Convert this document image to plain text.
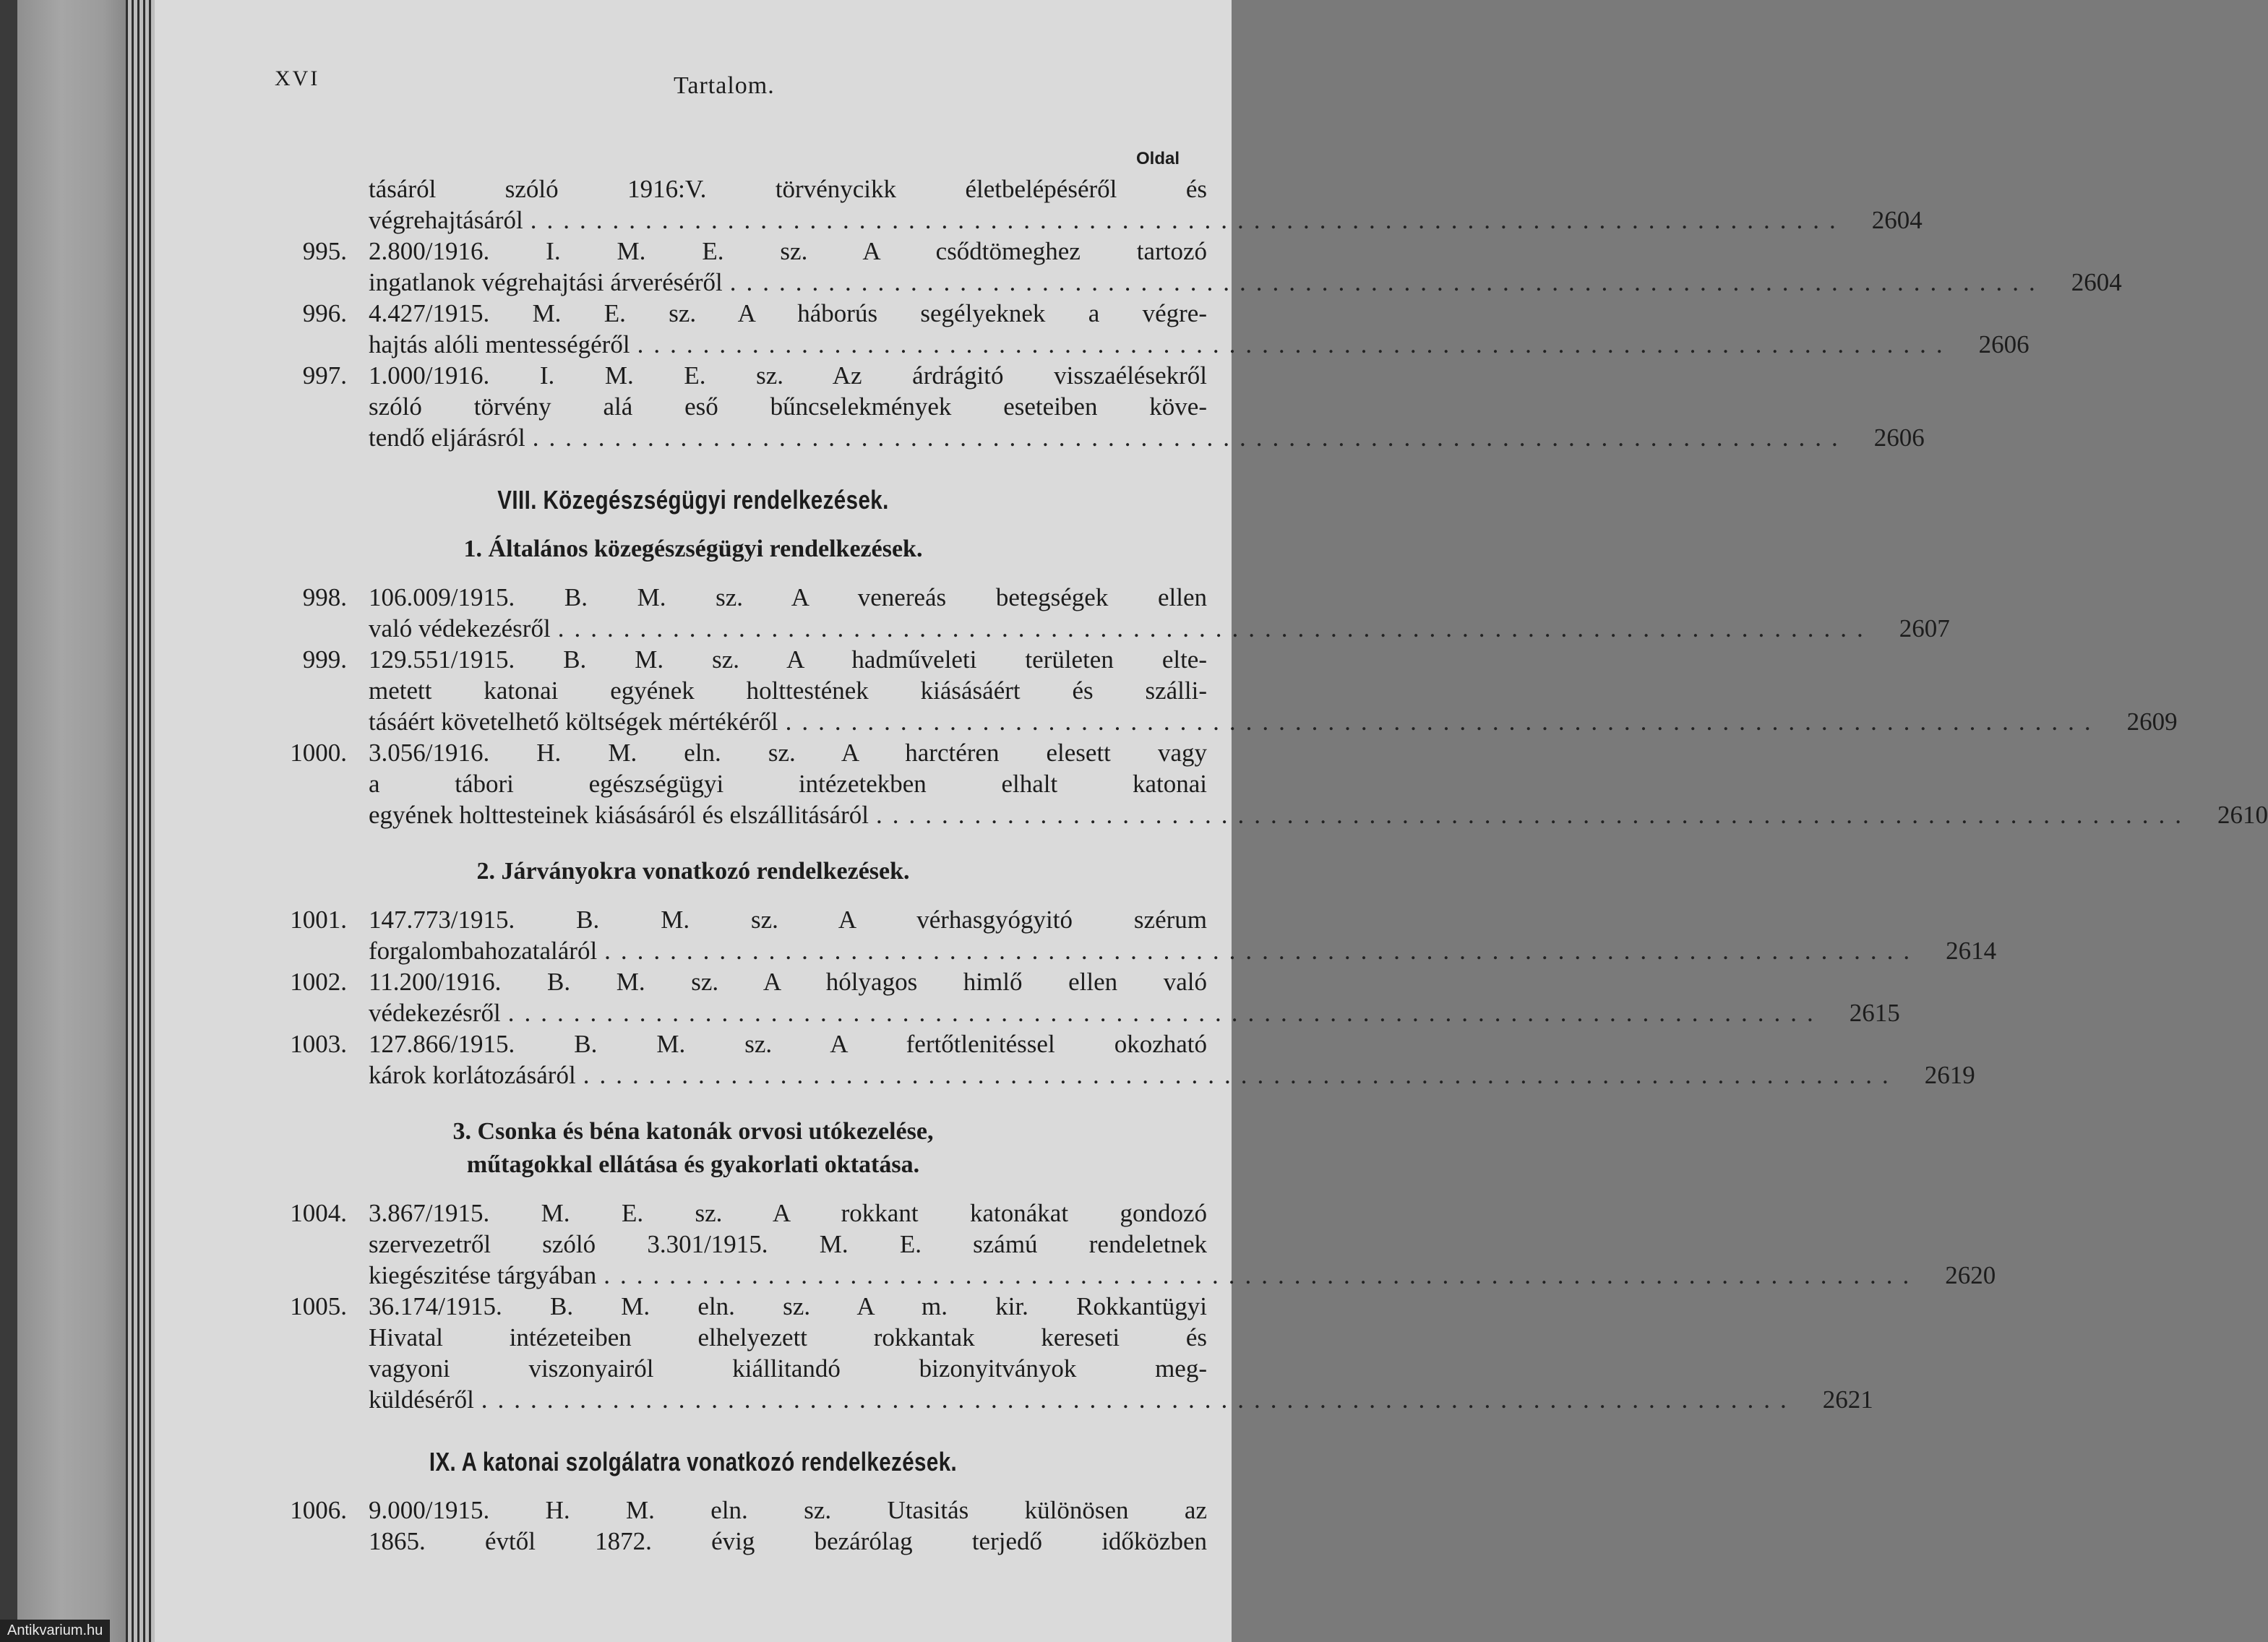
XVI	Tartalom.
Oldal
tásáról szóló 1916:V. törvénycikk életbelépéséről és
végrehajtásáról ................................................................................	2604
995. 2.800/1916. I. M. E. sz. A csődtömeghez tartozó
ingatlanok végrehajtási árveréséről ................................................................................	2604
996. 4.427/1915. M. E. sz. A háborús segélyeknek a végre-
hajtás alóli mentességéről ................................................................................	2606
997. 1.000/1916. I. M. E. sz. Az árdrágitó visszaélésekről
szóló törvény alá eső bűncselekmények eseteiben köve-
tendő eljárásról ................................................................................	2606
VIII. Közegészségügyi rendelkezések.
1. Általános közegészségügyi rendelkezések.
998. 106.009/1915. B. M. sz. A venereás betegségek ellen
való védekezésről ................................................................................	2607
999. 129.551/1915. B. M. sz. A hadműveleti területen elte-
metett katonai egyének holttestének kiásásáért és szálli-
tásáért követelhető költségek mértékéről ................................................................................	2609
1000. 3.056/1916. H. M. eln. sz. A harctéren elesett vagy
a tábori egészségügyi intézetekben elhalt katonai
egyének holttesteinek kiásásáról és elszállitásáról ................................................................................	2610
2. Járványokra vonatkozó rendelkezések.
1001. 147.773/1915. B. M. sz. A vérhasgyógyitó szérum
forgalombahozataláról ................................................................................	2614
1002. 11.200/1916. B. M. sz. A hólyagos himlő ellen való
védekezésről ................................................................................	2615
1003. 127.866/1915. B. M. sz. A fertőtlenitéssel okozható
károk korlátozásáról ................................................................................	2619
3. Csonka és béna katonák orvosi utókezelése,
műtagokkal ellátása és gyakorlati oktatása.
1004. 3.867/1915. M. E. sz. A rokkant katonákat gondozó
szervezetről szóló 3.301/1915. M. E. számú rendeletnek
kiegészitése tárgyában ................................................................................	2620
1005. 36.174/1915. B. M. eln. sz. A m. kir. Rokkantügyi
Hivatal intézeteiben elhelyezett rokkantak kereseti és
vagyoni viszonyairól kiállitandó bizonyitványok meg-
küldéséről ................................................................................	2621
IX. A katonai szolgálatra vonatkozó rendelkezések.
1006. 9.000/1915. H. M. eln. sz. Utasitás különösen az
1865. évtől 1872. évig bezárólag terjedő időközben
Antikvarium.hu
